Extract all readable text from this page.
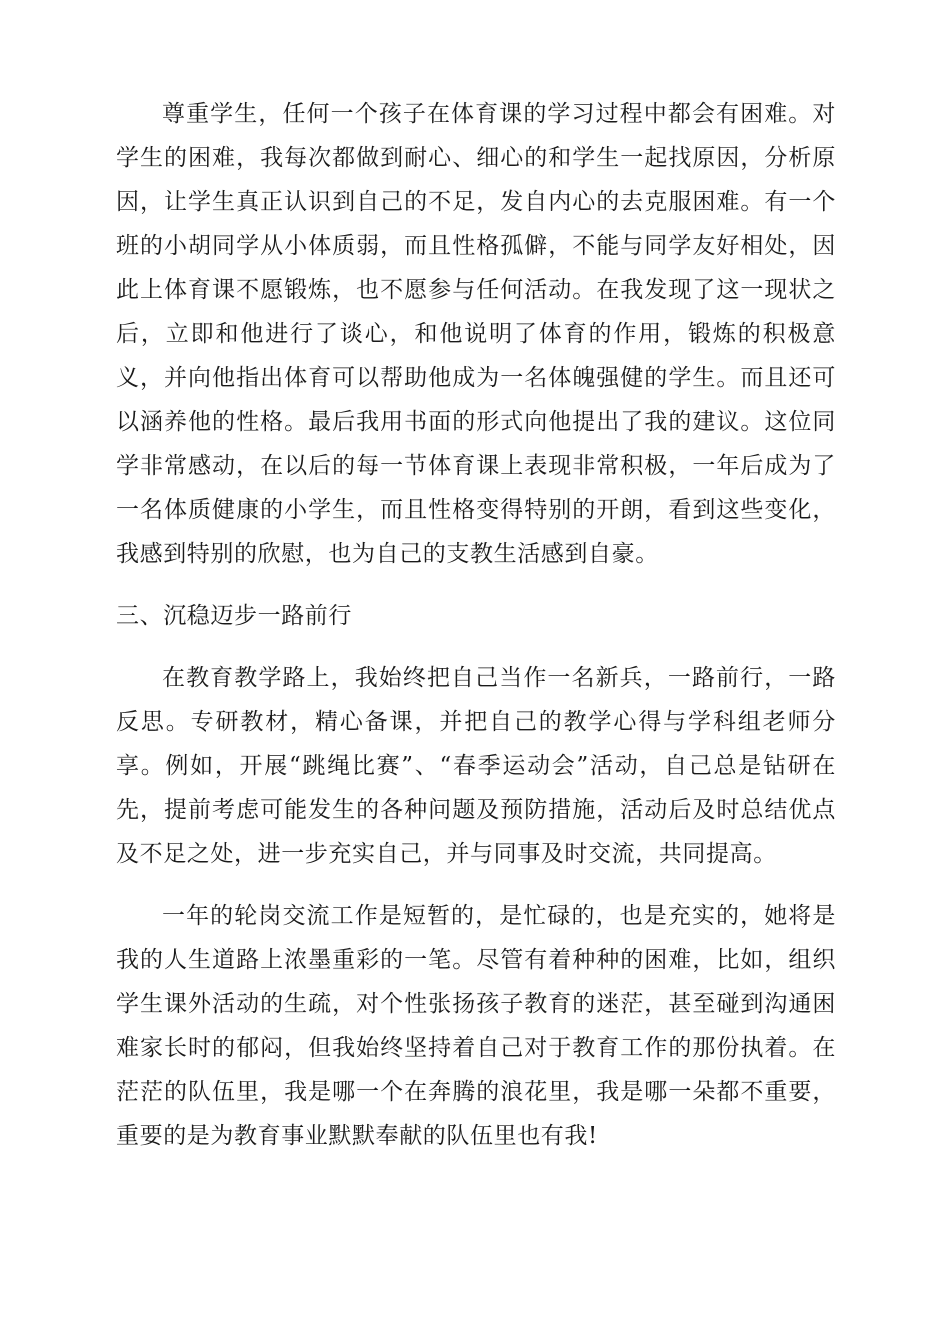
尊重学生，任何一个孩子在体育课的学习过程中都会有困难。对学生的困难，我每次都做到耐心、细心的和学生一起找原因，分析原因，让学生真正认识到自己的不足，发自内心的去克服困难。有一个班的小胡同学从小体质弱，而且性格孤僻，不能与同学友好相处，因此上体育课不愿锻炼，也不愿参与任何活动。在我发现了这一现状之后，立即和他进行了谈心，和他说明了体育的作用，锻炼的积极意义，并向他指出体育可以帮助他成为一名体魄强健的学生。而且还可以涵养他的性格。最后我用书面的形式向他提出了我的建议。这位同学非常感动，在以后的每一节体育课上表现非常积极，一年后成为了一名体质健康的小学生，而且性格变得特别的开朗，看到这些变化，我感到特别的欣慰，也为自己的支教生活感到自豪。

三、沉稳迈步一路前行

在教育教学路上，我始终把自己当作一名新兵，一路前行，一路反思。专研教材，精心备课，并把自己的教学心得与学科组老师分享。例如，开展“跳绳比赛”、“春季运动会”活动，自己总是钻研在先，提前考虑可能发生的各种问题及预防措施，活动后及时总结优点及不足之处，进一步充实自己，并与同事及时交流，共同提高。

一年的轮岗交流工作是短暂的，是忙碌的，也是充实的，她将是我的人生道路上浓墨重彩的一笔。尽管有着种种的困难，比如，组织学生课外活动的生疏，对个性张扬孩子教育的迷茫，甚至碰到沟通困难家长时的郁闷，但我始终坚持着自己对于教育工作的那份执着。在茫茫的队伍里，我是哪一个在奔腾的浪花里，我是哪一朵都不重要，重要的是为教育事业默默奉献的队伍里也有我!
